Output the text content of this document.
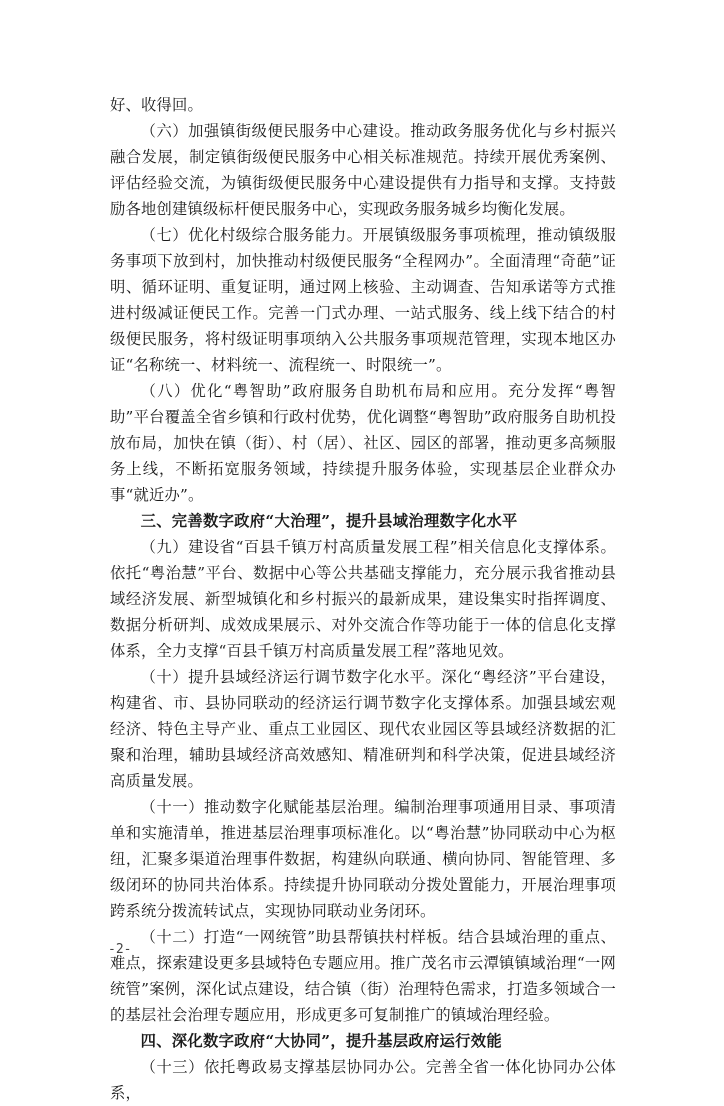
好、收得回。

（六）加强镇街级便民服务中心建设。推动政务服务优化与乡村振兴融合发展，制定镇街级便民服务中心相关标准规范。持续开展优秀案例、评估经验交流，为镇街级便民服务中心建设提供有力指导和支撑。支持鼓励各地创建镇级标杆便民服务中心，实现政务服务城乡均衡化发展。

（七）优化村级综合服务能力。开展镇级服务事项梳理，推动镇级服务事项下放到村，加快推动村级便民服务“全程网办”。全面清理“奇葩”证明、循环证明、重复证明，通过网上核验、主动调查、告知承诺等方式推进村级减证便民工作。完善一门式办理、一站式服务、线上线下结合的村级便民服务，将村级证明事项纳入公共服务事项规范管理，实现本地区办证“名称统一、材料统一、流程统一、时限统一”。

（八）优化“粤智助”政府服务自助机布局和应用。充分发挥“粤智助”平台覆盖全省乡镇和行政村优势，优化调整“粤智助”政府服务自助机投放布局，加快在镇（街）、村（居）、社区、园区的部署，推动更多高频服务上线，不断拓宽服务领域，持续提升服务体验，实现基层企业群众办事“就近办”。

三、完善数字政府“大治理”，提升县域治理数字化水平

（九）建设省“百县千镇万村高质量发展工程”相关信息化支撑体系。依托“粤治慧”平台、数据中心等公共基础支撑能力，充分展示我省推动县域经济发展、新型城镇化和乡村振兴的最新成果，建设集实时指挥调度、数据分析研判、成效成果展示、对外交流合作等功能于一体的信息化支撑体系，全力支撑“百县千镇万村高质量发展工程”落地见效。

（十）提升县域经济运行调节数字化水平。深化“粤经济”平台建设，构建省、市、县协同联动的经济运行调节数字化支撑体系。加强县域宏观经济、特色主导产业、重点工业园区、现代农业园区等县域经济数据的汇聚和治理，辅助县域经济高效感知、精准研判和科学决策，促进县域经济高质量发展。

（十一）推动数字化赋能基层治理。编制治理事项通用目录、事项清单和实施清单，推进基层治理事项标准化。以“粤治慧”协同联动中心为枢纽，汇聚多渠道治理事件数据，构建纵向联通、横向协同、智能管理、多级闭环的协同共治体系。持续提升协同联动分拨处置能力，开展治理事项跨系统分拨流转试点，实现协同联动业务闭环。

（十二）打造“一网统管”助县帮镇扶村样板。结合县域治理的重点、难点，探索建设更多县域特色专题应用。推广茂名市云潭镇镇域治理“一网统管”案例，深化试点建设，结合镇（街）治理特色需求，打造多领域合一的基层社会治理专题应用，形成更多可复制推广的镇域治理经验。

四、深化数字政府“大协同”，提升基层政府运行效能

（十三）依托粤政易支撑基层协同办公。完善全省一体化协同办公体系，

-2-
